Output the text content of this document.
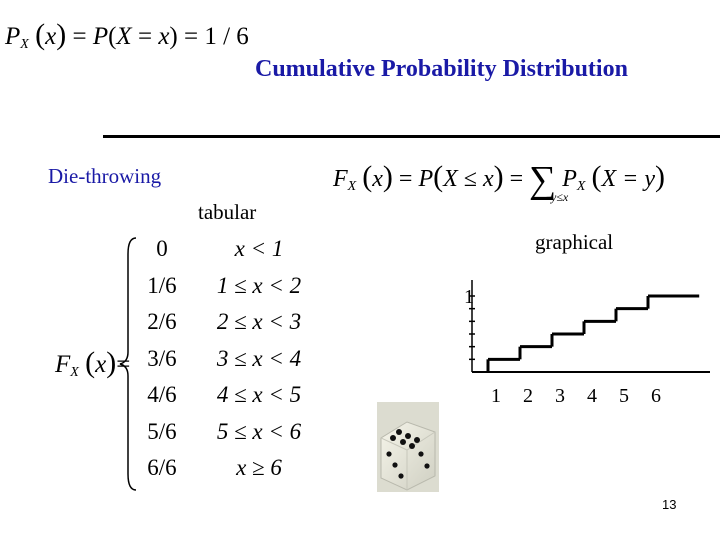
$P_X$ (x) = P(X = x) = 1 / 6
Cumulative Probability Distribution
Die-throwing	$F_X$ (x) = P(X ≤ x) = ∑
y≤x
$P_X$ (X = y)
tabular
graphical
$F_X$ (x)=
0	x < 1
1/6	1 ≤ x < 2
2/6	2 ≤ x < 3
3/6	3 ≤ x < 4
4/6	4 ≤ x < 5
5/6	5 ≤ x < 6
6/6	x ≥ 6
1
1 2 3 4 5 6
13
